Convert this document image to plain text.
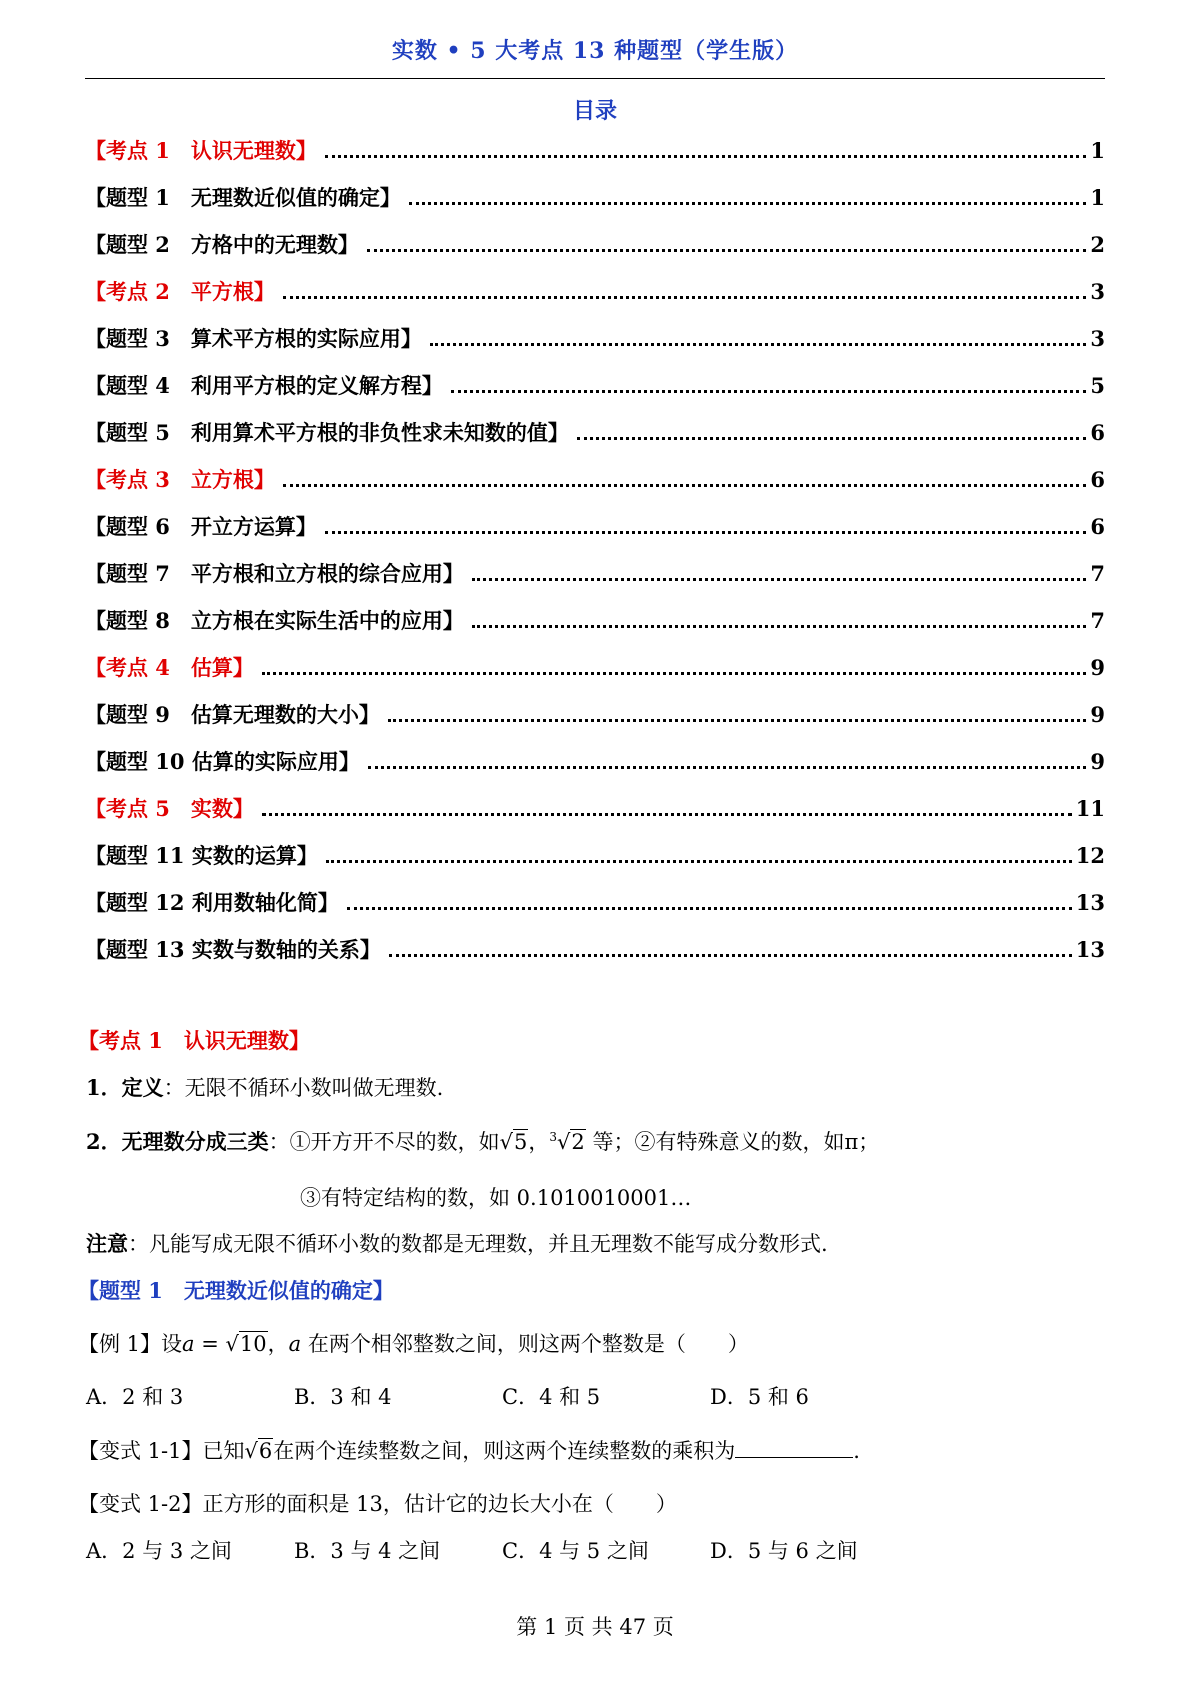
实数 • 5 大考点 13 种题型（学生版）
目录
【考点 1　认识无理数】	1
【题型 1　无理数近似值的确定】	1
【题型 2　方格中的无理数】	2
【考点 2　平方根】	3
【题型 3　算术平方根的实际应用】	3
【题型 4　利用平方根的定义解方程】	5
【题型 5　利用算术平方根的非负性求未知数的值】	6
【考点 3　立方根】	6
【题型 6　开立方运算】	6
【题型 7　平方根和立方根的综合应用】	7
【题型 8　立方根在实际生活中的应用】	7
【考点 4　估算】	9
【题型 9　估算无理数的大小】	9
【题型 10 估算的实际应用】	9
【考点 5　实数】	11
【题型 11 实数的运算】	12
【题型 12 利用数轴化简】	13
【题型 13 实数与数轴的关系】	13
【考点 1　认识无理数】
1．定义：无限不循环小数叫做无理数.
2．无理数分成三类：①开方开不尽的数，如√5，$^3$√2 等；②有特殊意义的数，如π；
③有特定结构的数，如 0.1010010001…
注意：凡能写成无限不循环小数的数都是无理数，并且无理数不能写成分数形式.
【题型 1　无理数近似值的确定】
【例 1】设a = √10，a 在两个相邻整数之间，则这两个整数是（　　）
A．2 和 3	B．3 和 4	C．4 和 5	D．5 和 6
【变式 1-1】已知√6在两个连续整数之间，则这两个连续整数的乘积为	.
【变式 1-2】正方形的面积是 13，估计它的边长大小在（　　）
A．2 与 3 之间	B．3 与 4 之间	C．4 与 5 之间	D．5 与 6 之间
第 1 页 共 47 页
